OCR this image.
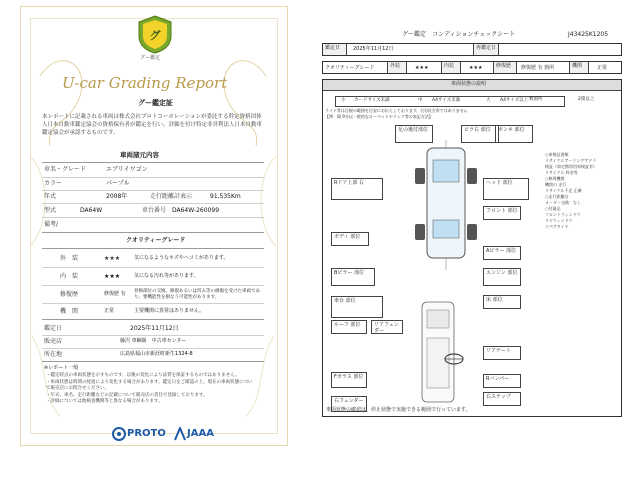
グ
グー鑑定
U-car Grading Report
グー鑑定証
本レポートに記載される車両は株式会社プロトコーポレーションが委託する幹定資格団体人日本自動車鑑定協会の資格保有者が鑑定を行い、評価を付け特定非営利法人日本自動車鑑定協会が承認するものです。
車両諸元内容
車名・グレード	エブリイワゴン
カラー	パープル
年式	2008年	走行距離計表示	91,535Km
型式	DA64W	車台番号 DA64W-260099
備考/
クオリティーグレード
外　装	★★★	気になるようなキズやヘコミがあります。
内　装	★★★	気になる汚れ等があります。
修復歴	修復歴 有 骨格部位の交換、修復あるいは凹み等の損傷を受けた車両であり、要機能性を損なう可能性があります。
機　関	正常	主要機関に異常はありません。
鑑定日	2025年11月12日
販売店	藤沢 車輌販　中古車センター
所在地	広島県福山市新涯町新生1324-8
※レポート一般
・鑑定時点の車両状態を示すものです。以後の変化により品質を保証するものではありません。
・車両状態は時間の経過により変化する場合があります。鑑定日をご確認の上、現在の車両状態について販売店にお問合せください。
・年式、車名、走行距離などの記載について販売店の責任で登録しております。
・評価については他検査機関等と異なる場合があります。
PROTO JAAA
グー鑑定　コンディションチェックシート	J43425K1205
鑑定日	2025年11月12日	再鑑定日
クオリティーグレード	外装	★★★	内装	★★★	修復歴	修復歴 有 箇所	機関	正常
車両状態の説明
小 カードサイズ未満	中 A4サイズ未満	大 A4サイズ以上 数箇所	2箇以上
ライナ等は目視の範囲を目安にお伝えしております。(引)長方形ではありません
【例：傷 9分以一般的なローベットやランク等の表記方法】
足の後付部位	ピラ右 部位	ボンネ 部位
Rドア上部 右	ヘッド 部位
フロント 部位
ボディ 部位
Aピラー 部位
Bピラー 部位	エンジン 部位
車台 部位	床 部位
ルーフ 部位	リアフェンダー
リアゲート
Rバンパー
右ステップ
右フェンダー
Fガラス 部位
○車検証書類
リサイクルアーリングアドラ
検証（車定携帯用車検証有）
リサイクル 料金等
○修理機関
機関の 走行
リサイクル不足 正確
○走行距離計
メーター交換：なし
○付属品
フロントウィンドウ
リヤウィンドウ
スペアタイヤ
車両状態の確認は、停止状態で実施できる範囲で行っています。
